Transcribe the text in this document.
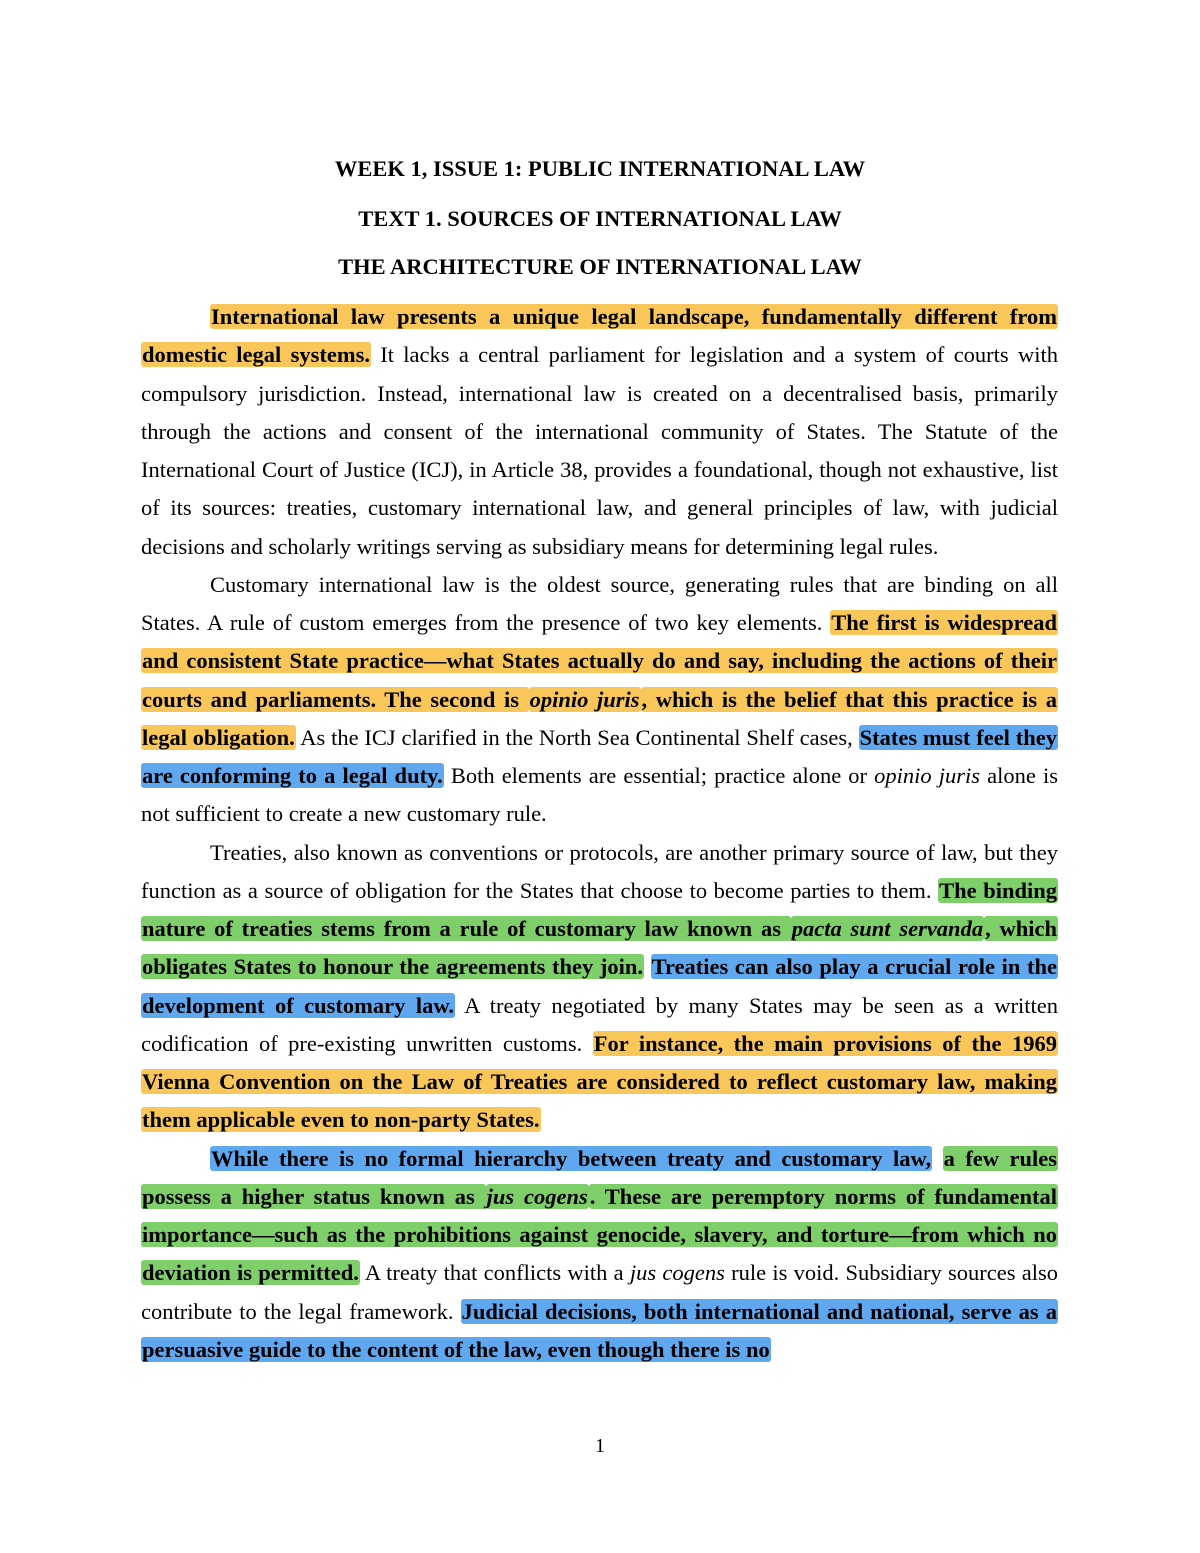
WEEK 1, ISSUE 1: PUBLIC INTERNATIONAL LAW
TEXT 1. SOURCES OF INTERNATIONAL LAW
THE ARCHITECTURE OF INTERNATIONAL LAW

International law presents a unique legal landscape, fundamentally different from domestic legal systems. It lacks a central parliament for legislation and a system of courts with compulsory jurisdiction. Instead, international law is created on a decentralised basis, primarily through the actions and consent of the international community of States. The Statute of the International Court of Justice (ICJ), in Article 38, provides a foundational, though not exhaustive, list of its sources: treaties, customary international law, and general principles of law, with judicial decisions and scholarly writings serving as subsidiary means for determining legal rules.

Customary international law is the oldest source, generating rules that are binding on all States. A rule of custom emerges from the presence of two key elements. The first is widespread and consistent State practice—what States actually do and say, including the actions of their courts and parliaments. The second is opinio juris, which is the belief that this practice is a legal obligation. As the ICJ clarified in the North Sea Continental Shelf cases, States must feel they are conforming to a legal duty. Both elements are essential; practice alone or opinio juris alone is not sufficient to create a new customary rule.

Treaties, also known as conventions or protocols, are another primary source of law, but they function as a source of obligation for the States that choose to become parties to them. The binding nature of treaties stems from a rule of customary law known as pacta sunt servanda, which obligates States to honour the agreements they join. Treaties can also play a crucial role in the development of customary law. A treaty negotiated by many States may be seen as a written codification of pre-existing unwritten customs. For instance, the main provisions of the 1969 Vienna Convention on the Law of Treaties are considered to reflect customary law, making them applicable even to non-party States.

While there is no formal hierarchy between treaty and customary law, a few rules possess a higher status known as jus cogens. These are peremptory norms of fundamental importance—such as the prohibitions against genocide, slavery, and torture—from which no deviation is permitted. A treaty that conflicts with a jus cogens rule is void. Subsidiary sources also contribute to the legal framework. Judicial decisions, both international and national, serve as a persuasive guide to the content of the law, even though there is no

1
